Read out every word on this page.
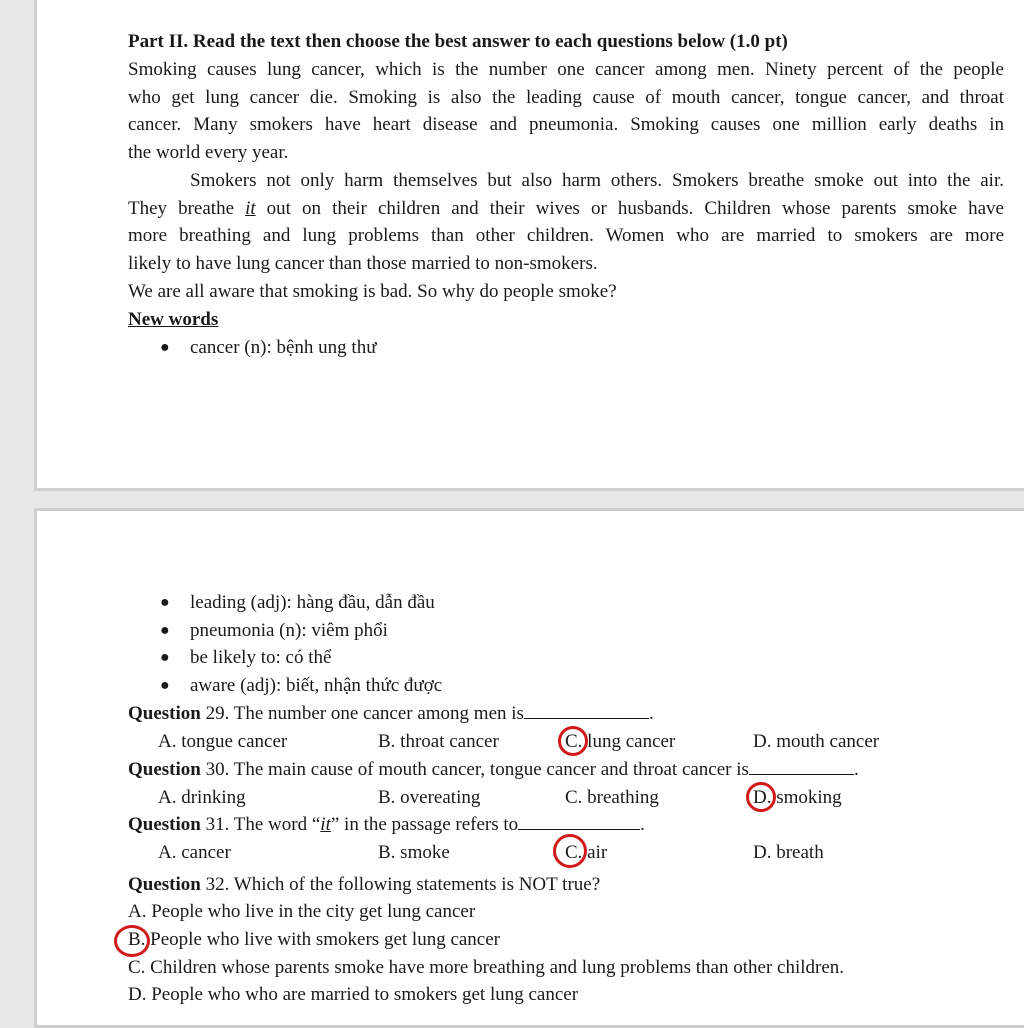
Part II. Read the text then choose the best answer to each questions below (1.0 pt)
Smoking causes lung cancer, which is the number one cancer among men. Ninety percent of the people
who get lung cancer die. Smoking is also the leading cause of mouth cancer, tongue cancer, and throat
cancer. Many smokers have heart disease and pneumonia. Smoking causes one million early deaths in
the world every year.
Smokers not only harm themselves but also harm others. Smokers breathe smoke out into the air.
They breathe it out on their children and their wives or husbands. Children whose parents smoke have
more breathing and lung problems than other children. Women who are married to smokers are more
likely to have lung cancer than those married to non-smokers.
We are all aware that smoking is bad. So why do people smoke?
New words
● cancer (n): bệnh ung thư
● leading (adj): hàng đầu, dẫn đầu
● pneumonia (n): viêm phổi
● be likely to: có thể
● aware (adj): biết, nhận thức được
Question 29. The number one cancer among men is	.
A. tongue cancer	B. throat cancer	C. lung cancer	D. mouth cancer
Question 30. The main cause of mouth cancer, tongue cancer and throat cancer is	.
A. drinking	B. overeating	C. breathing	D. smoking
Question 31. The word “it” in the passage refers to	.
A. cancer	B. smoke	C. air	D. breath
Question 32. Which of the following statements is NOT true?
A. People who live in the city get lung cancer
B. People who live with smokers get lung cancer
C. Children whose parents smoke have more breathing and lung problems than other children.
D. People who who are married to smokers get lung cancer
